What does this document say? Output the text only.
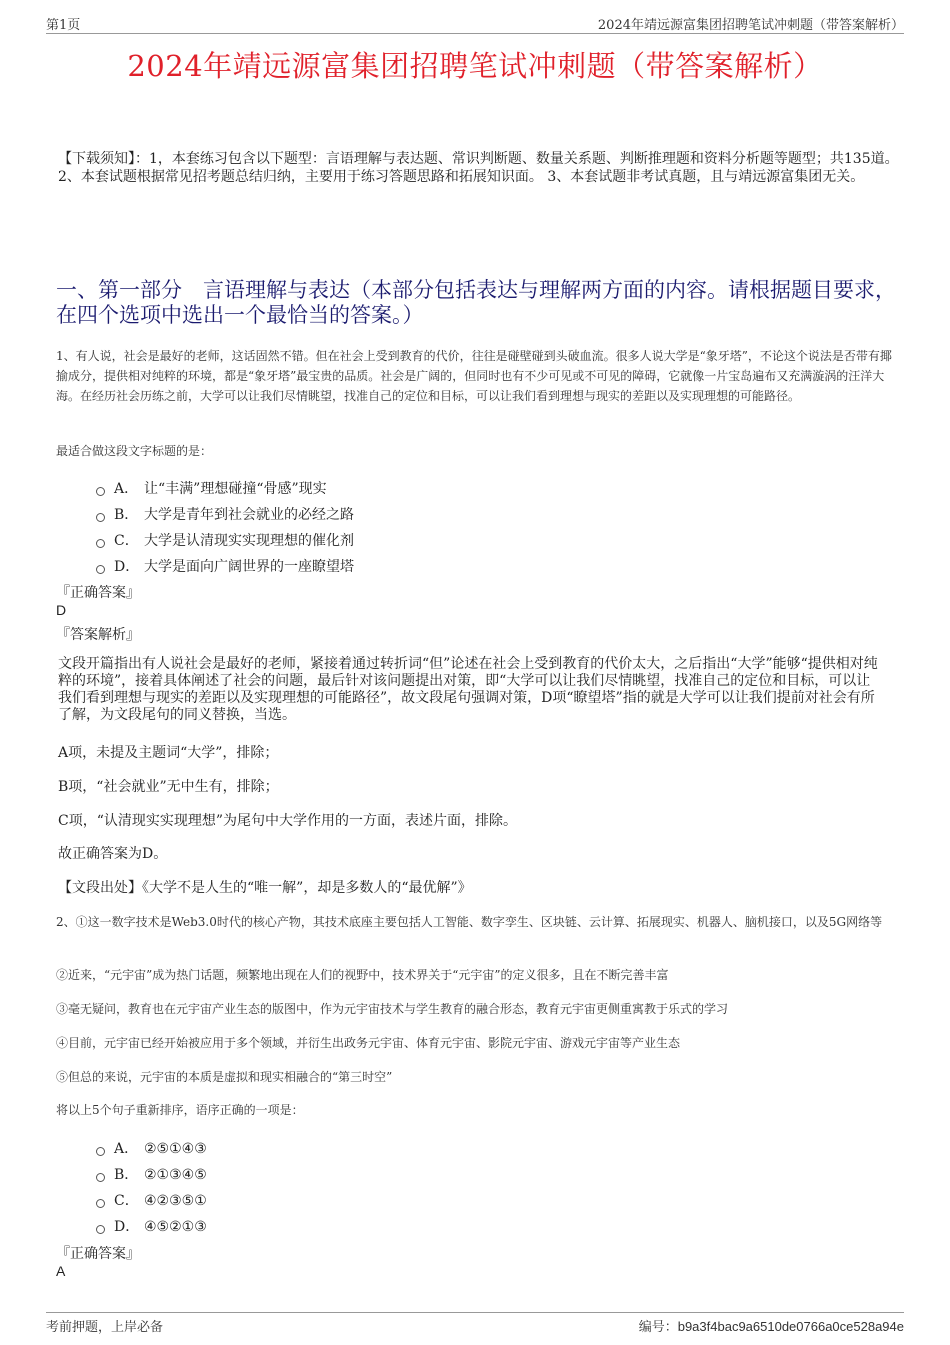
第1页	2024年靖远源富集团招聘笔试冲刺题（带答案解析）
2024年靖远源富集团招聘笔试冲刺题（带答案解析）
【下载须知】：1，本套练习包含以下题型：言语理解与表达题、常识判断题、数量关系题、判断推理题和资料分析题等题型；共135道。 2、本套试题根据常见招考题总结归纳，主要用于练习答题思路和拓展知识面。 3、本套试题非考试真题，且与靖远源富集团无关。
一、第一部分　言语理解与表达（本部分包括表达与理解两方面的内容。请根据题目要求，在四个选项中选出一个最恰当的答案。）
1、有人说，社会是最好的老师，这话固然不错。但在社会上受到教育的代价，往往是碰壁碰到头破血流。很多人说大学是“象牙塔”，不论这个说法是否带有揶揄成分，提供相对纯粹的环境，都是“象牙塔”最宝贵的品质。社会是广阔的，但同时也有不少可见或不可见的障碍，它就像一片宝岛遍布又充满漩涡的汪洋大海。在经历社会历练之前，大学可以让我们尽情眺望，找准自己的定位和目标，可以让我们看到理想与现实的差距以及实现理想的可能路径。
最适合做这段文字标题的是：
A． 让“丰满”理想碰撞“骨感”现实
B． 大学是青年到社会就业的必经之路
C． 大学是认清现实实现理想的催化剂
D． 大学是面向广阔世界的一座瞭望塔
『正确答案』
D
『答案解析』
文段开篇指出有人说社会是最好的老师，紧接着通过转折词“但”论述在社会上受到教育的代价太大，之后指出“大学”能够“提供相对纯粹的环境”，接着具体阐述了社会的问题，最后针对该问题提出对策，即“大学可以让我们尽情眺望，找准自己的定位和目标，可以让我们看到理想与现实的差距以及实现理想的可能路径”，故文段尾句强调对策，D项“瞭望塔”指的就是大学可以让我们提前对社会有所了解，为文段尾句的同义替换，当选。
A项，未提及主题词“大学”，排除；
B项，“社会就业”无中生有，排除；
C项，“认清现实实现理想”为尾句中大学作用的一方面，表述片面，排除。
故正确答案为D。
【文段出处】《大学不是人生的“唯一解”，却是多数人的“最优解”》
2、①这一数字技术是Web3.0时代的核心产物，其技术底座主要包括人工智能、数字孪生、区块链、云计算、拓展现实、机器人、脑机接口，以及5G网络等
②近来，“元宇宙”成为热门话题，频繁地出现在人们的视野中，技术界关于“元宇宙”的定义很多，且在不断完善丰富
③毫无疑问，教育也在元宇宙产业生态的版图中，作为元宇宙技术与学生教育的融合形态，教育元宇宙更侧重寓教于乐式的学习
④目前，元宇宙已经开始被应用于多个领域，并衍生出政务元宇宙、体育元宇宙、影院元宇宙、游戏元宇宙等产业生态
⑤但总的来说，元宇宙的本质是虚拟和现实相融合的“第三时空”
将以上5个句子重新排序，语序正确的一项是：
A． ②⑤①④③
B． ②①③④⑤
C． ④②③⑤①
D． ④⑤②①③
『正确答案』
A
考前押题，上岸必备	编号：b9a3f4bac9a6510de0766a0ce528a94e
